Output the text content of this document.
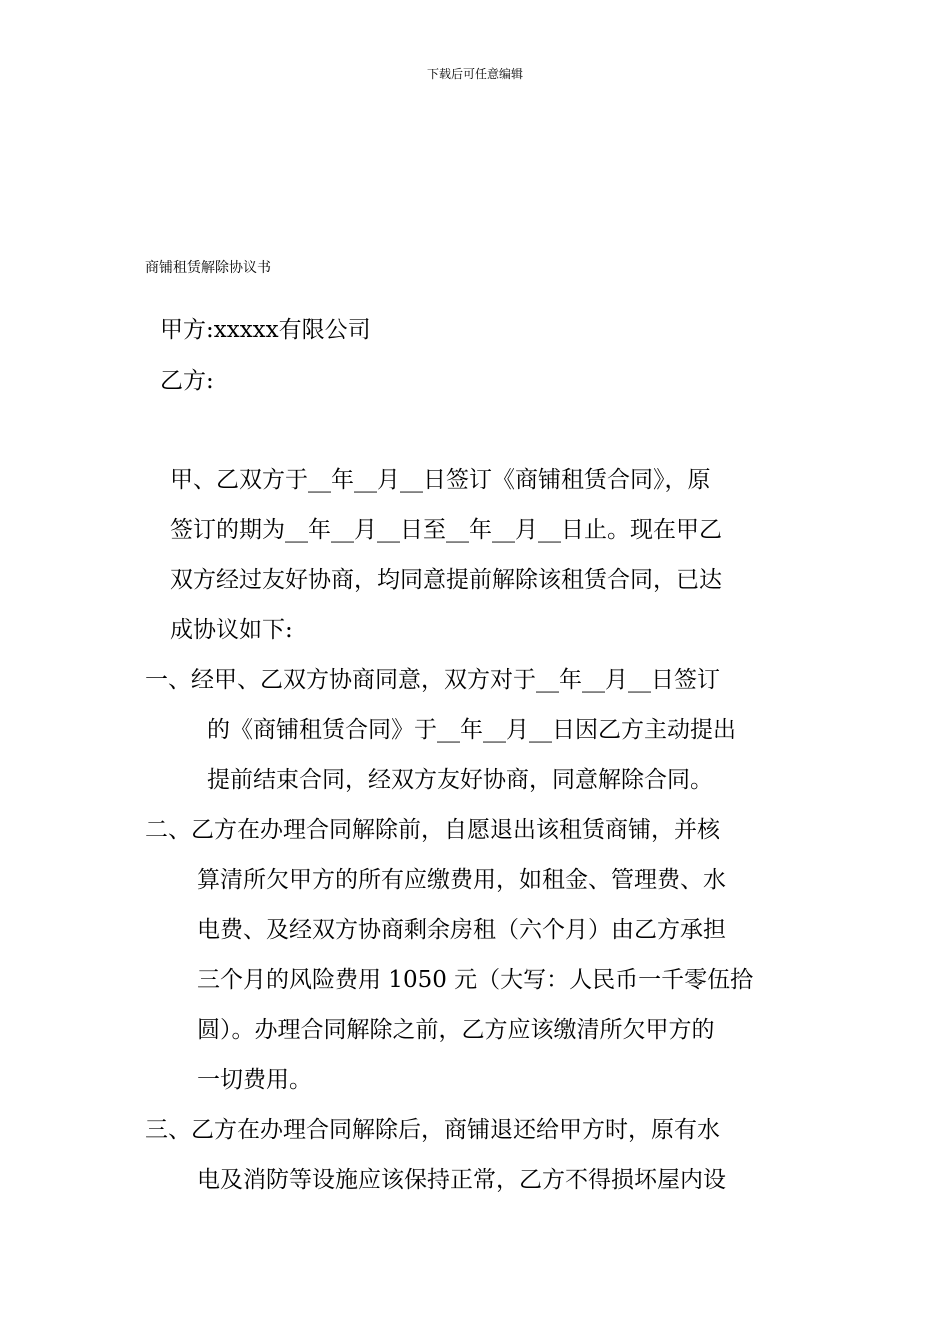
下载后可任意编辑
商铺租赁解除协议书
甲方:xxxxx有限公司
乙方:
甲、乙双方于__年__月__日签订《商铺租赁合同》，原
签订的期为__年__月__日至__年__月__日止。现在甲乙
双方经过友好协商，均同意提前解除该租赁合同，已达
成协议如下:
一、经甲、乙双方协商同意，双方对于__年__月__日签订
的《商铺租赁合同》于__年__月__日因乙方主动提出
提前结束合同，经双方友好协商，同意解除合同。
二、乙方在办理合同解除前，自愿退出该租赁商铺，并核
算清所欠甲方的所有应缴费用，如租金、管理费、水
电费、及经双方协商剩余房租（六个月）由乙方承担
三个月的风险费用 1050 元（大写：人民币一千零伍拾
圆）。办理合同解除之前，乙方应该缴清所欠甲方的
一切费用。
三、乙方在办理合同解除后，商铺退还给甲方时，原有水
电及消防等设施应该保持正常，乙方不得损坏屋内设
